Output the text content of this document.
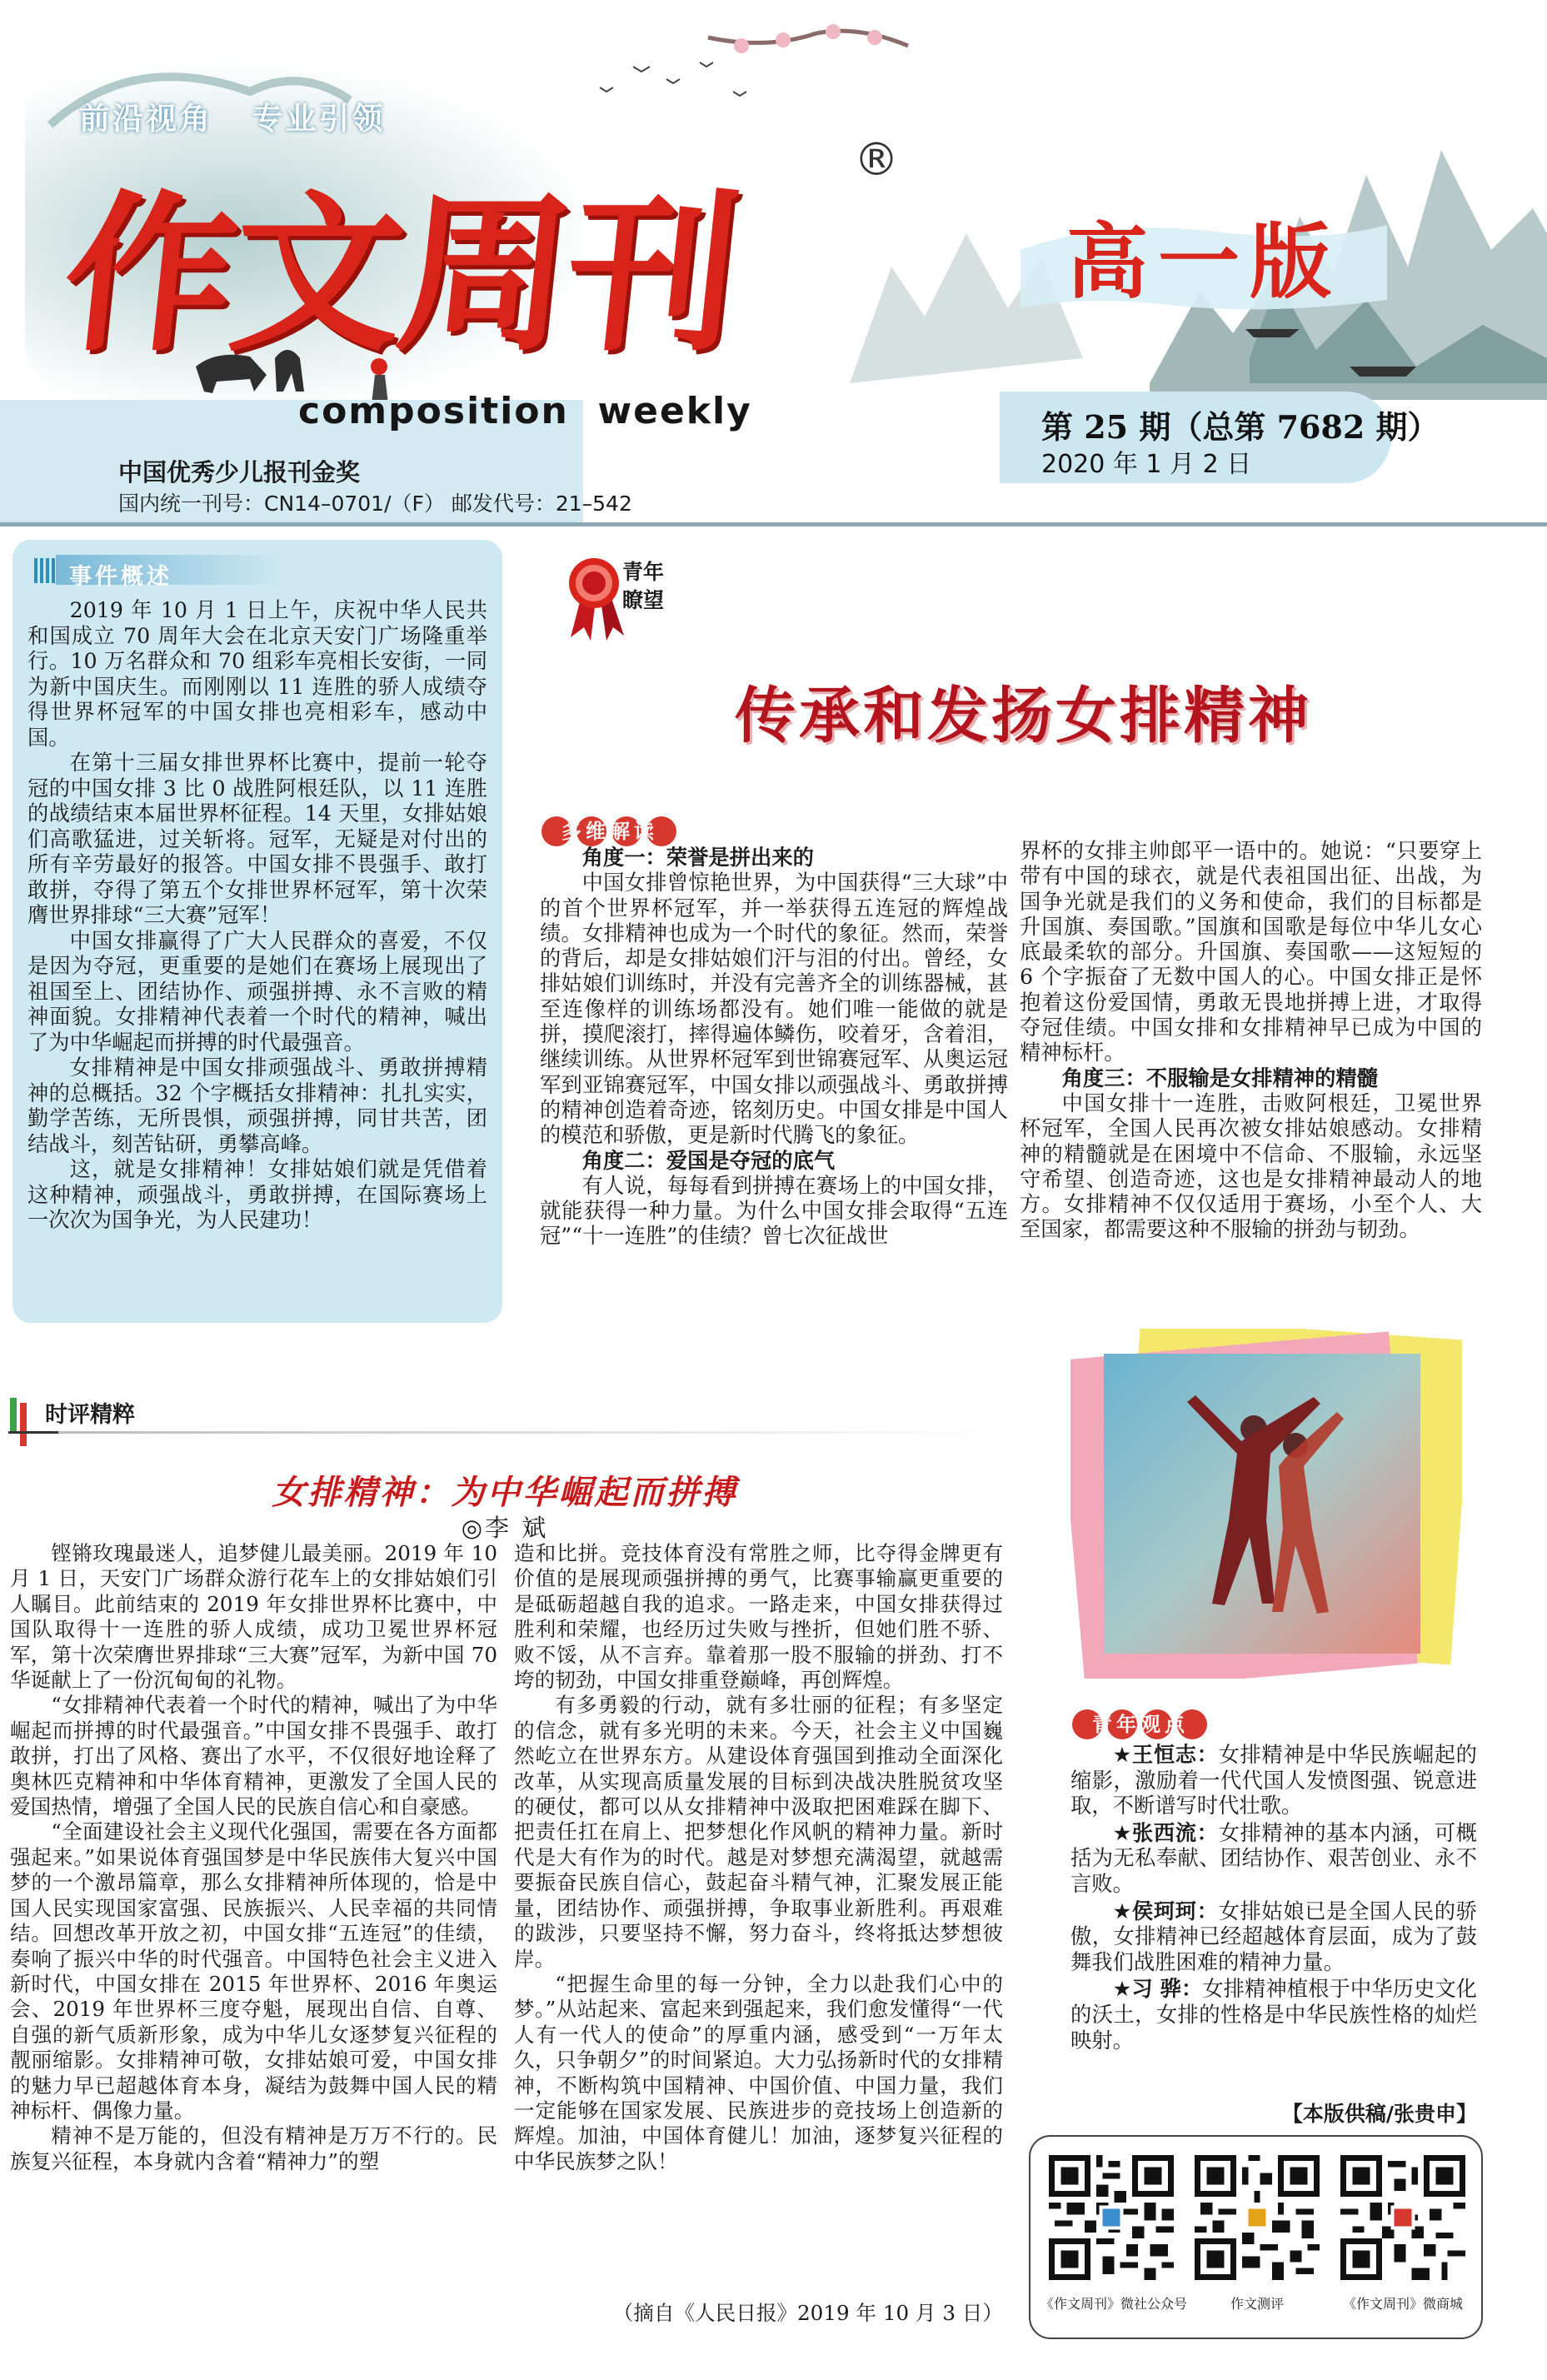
前沿视角   专业引领
作文周刊
®
composition  weekly
高一版
第 25 期（总第 7682 期）
2020 年 1 月 2 日
中国优秀少儿报刊金奖
国内统一刊号：CN14–0701/（F） 邮发代号：21–542
事件概述

2019 年 10 月 1 日上午，庆祝中华人民共和国成立 70 周年大会在北京天安门广场隆重举行。10 万名群众和 70 组彩车亮相长安街，一同为新中国庆生。而刚刚以 11 连胜的骄人成绩夺得世界杯冠军的中国女排也亮相彩车，感动中国。

在第十三届女排世界杯比赛中，提前一轮夺冠的中国女排 3 比 0 战胜阿根廷队，以 11 连胜的战绩结束本届世界杯征程。14 天里，女排姑娘们高歌猛进，过关斩将。冠军，无疑是对付出的所有辛劳最好的报答。中国女排不畏强手、敢打敢拼，夺得了第五个女排世界杯冠军，第十次荣膺世界排球“三大赛”冠军！

中国女排赢得了广大人民群众的喜爱，不仅是因为夺冠，更重要的是她们在赛场上展现出了祖国至上、团结协作、顽强拼搏、永不言败的精神面貌。女排精神代表着一个时代的精神，喊出了为中华崛起而拼搏的时代最强音。

女排精神是中国女排顽强战斗、勇敢拼搏精神的总概括。32 个字概括女排精神：扎扎实实，勤学苦练，无所畏惧，顽强拼搏，同甘共苦，团结战斗，刻苦钻研，勇攀高峰。

这，就是女排精神！女排姑娘们就是凭借着这种精神，顽强战斗，勇敢拼搏，在国际赛场上一次次为国争光，为人民建功！

青年
瞭望
传承和发扬女排精神
多维解读

角度一：荣誉是拼出来的

中国女排曾惊艳世界，为中国获得“三大球”中的首个世界杯冠军，并一举获得五连冠的辉煌战绩。女排精神也成为一个时代的象征。然而，荣誉的背后，却是女排姑娘们汗与泪的付出。曾经，女排姑娘们训练时，并没有完善齐全的训练器械，甚至连像样的训练场都没有。她们唯一能做的就是拼，摸爬滚打，摔得遍体鳞伤，咬着牙，含着泪，继续训练。从世界杯冠军到世锦赛冠军、从奥运冠军到亚锦赛冠军，中国女排以顽强战斗、勇敢拼搏的精神创造着奇迹，铭刻历史。中国女排是中国人的模范和骄傲，更是新时代腾飞的象征。

角度二：爱国是夺冠的底气

有人说，每每看到拼搏在赛场上的中国女排，就能获得一种力量。为什么中国女排会取得“五连冠”“十一连胜”的佳绩？曾七次征战世

界杯的女排主帅郎平一语中的。她说：“只要穿上带有中国的球衣，就是代表祖国出征、出战，为国争光就是我们的义务和使命，我们的目标都是升国旗、奏国歌。”国旗和国歌是每位中华儿女心底最柔软的部分。升国旗、奏国歌——这短短的 6 个字振奋了无数中国人的心。中国女排正是怀抱着这份爱国情，勇敢无畏地拼搏上进，才取得夺冠佳绩。中国女排和女排精神早已成为中国的精神标杆。

角度三：不服输是女排精神的精髓

中国女排十一连胜，击败阿根廷，卫冕世界杯冠军，全国人民再次被女排姑娘感动。女排精神的精髓就是在困境中不信命、不服输，永远坚守希望、创造奇迹，这也是女排精神最动人的地方。女排精神不仅仅适用于赛场，小至个人、大至国家，都需要这种不服输的拼劲与韧劲。

时评精粹
女排精神：为中华崛起而拼搏
◎李 斌

铿锵玫瑰最迷人，追梦健儿最美丽。2019 年 10 月 1 日，天安门广场群众游行花车上的女排姑娘们引人瞩目。此前结束的 2019 年女排世界杯比赛中，中国队取得十一连胜的骄人成绩，成功卫冕世界杯冠军，第十次荣膺世界排球“三大赛”冠军，为新中国 70 华诞献上了一份沉甸甸的礼物。

“女排精神代表着一个时代的精神，喊出了为中华崛起而拼搏的时代最强音。”中国女排不畏强手、敢打敢拼，打出了风格、赛出了水平，不仅很好地诠释了奥林匹克精神和中华体育精神，更激发了全国人民的爱国热情，增强了全国人民的民族自信心和自豪感。

“全面建设社会主义现代化强国，需要在各方面都强起来。”如果说体育强国梦是中华民族伟大复兴中国梦的一个激昂篇章，那么女排精神所体现的，恰是中国人民实现国家富强、民族振兴、人民幸福的共同情结。回想改革开放之初，中国女排“五连冠”的佳绩，奏响了振兴中华的时代强音。中国特色社会主义进入新时代，中国女排在 2015 年世界杯、2016 年奥运会、2019 年世界杯三度夺魁，展现出自信、自尊、自强的新气质新形象，成为中华儿女逐梦复兴征程的靓丽缩影。女排精神可敬，女排姑娘可爱，中国女排的魅力早已超越体育本身，凝结为鼓舞中国人民的精神标杆、偶像力量。

精神不是万能的，但没有精神是万万不行的。民族复兴征程，本身就内含着“精神力”的塑

造和比拼。竞技体育没有常胜之师，比夺得金牌更有价值的是展现顽强拼搏的勇气，比赛事输赢更重要的是砥砺超越自我的追求。一路走来，中国女排获得过胜利和荣耀，也经历过失败与挫折，但她们胜不骄、败不馁，从不言弃。靠着那一股不服输的拼劲、打不垮的韧劲，中国女排重登巅峰，再创辉煌。

有多勇毅的行动，就有多壮丽的征程；有多坚定的信念，就有多光明的未来。今天，社会主义中国巍然屹立在世界东方。从建设体育强国到推动全面深化改革，从实现高质量发展的目标到决战决胜脱贫攻坚的硬仗，都可以从女排精神中汲取把困难踩在脚下、把责任扛在肩上、把梦想化作风帆的精神力量。新时代是大有作为的时代。越是对梦想充满渴望，就越需要振奋民族自信心，鼓起奋斗精气神，汇聚发展正能量，团结协作、顽强拼搏，争取事业新胜利。再艰难的跋涉，只要坚持不懈，努力奋斗，终将抵达梦想彼岸。

“把握生命里的每一分钟，全力以赴我们心中的梦。”从站起来、富起来到强起来，我们愈发懂得“一代人有一代人的使命”的厚重内涵，感受到“一万年太久，只争朝夕”的时间紧迫。大力弘扬新时代的女排精神，不断构筑中国精神、中国价值、中国力量，我们一定能够在国家发展、民族进步的竞技场上创造新的辉煌。加油，中国体育健儿！加油，逐梦复兴征程的中华民族梦之队！

（摘自《人民日报》2019 年 10 月 3 日）
青年观点

★王恒志：女排精神是中华民族崛起的缩影，激励着一代代国人发愤图强、锐意进取，不断谱写时代壮歌。

★张西流：女排精神的基本内涵，可概括为无私奉献、团结协作、艰苦创业、永不言败。

★侯珂珂：女排姑娘已是全国人民的骄傲，女排精神已经超越体育层面，成为了鼓舞我们战胜困难的精神力量。

★习 骅：女排精神植根于中华历史文化的沃土，女排的性格是中华民族性格的灿烂映射。

【本版供稿/张贵申】
《作文周刊》微社公众号	作文测评	《作文周刊》微商城
